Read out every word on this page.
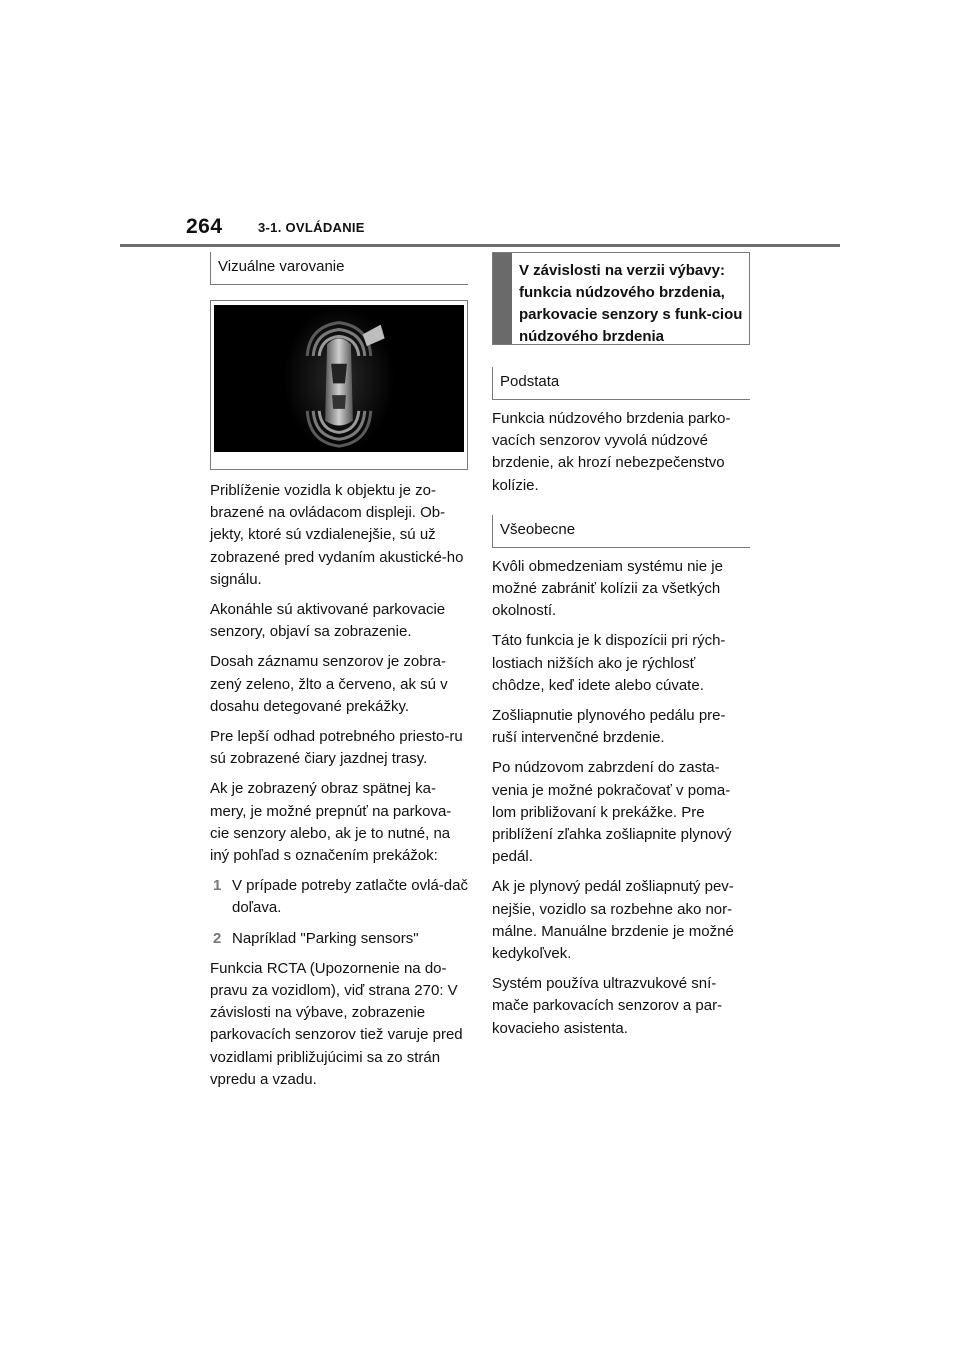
264	3-1. OVLÁDANIE
Vizuálne varovanie

Priblíženie vozidla k objektu je zo-brazené na ovládacom displeji. Ob-jekty, ktoré sú vzdialenejšie, sú už zobrazené pred vydaním akustické-ho signálu.

Akonáhle sú aktivované parkovacie senzory, objaví sa zobrazenie.

Dosah záznamu senzorov je zobra-zený zeleno, žlto a červeno, ak sú v dosahu detegované prekážky.

Pre lepší odhad potrebného priesto-ru sú zobrazené čiary jazdnej trasy.

Ak je zobrazený obraz spätnej ka-mery, je možné prepnúť na parkova-cie senzory alebo, ak je to nutné, na iný pohľad s označením prekážok:

1 V prípade potreby zatlačte ovlá-dač doľava.

2 Napríklad "Parking sensors"

Funkcia RCTA (Upozornenie na do-pravu za vozidlom), viď strana 270: V závislosti na výbave, zobrazenie parkovacích senzorov tiež varuje pred vozidlami približujúcimi sa zo strán vpredu a vzadu.

V závislosti na verzii výbavy: funkcia núdzového brzdenia, parkovacie senzory s funk-ciou núdzového brzdenia
Podstata

Funkcia núdzového brzdenia parko-vacích senzorov vyvolá núdzové brzdenie, ak hrozí nebezpečenstvo kolízie.

Všeobecne

Kvôli obmedzeniam systému nie je možné zabrániť kolízii za všetkých okolností.

Táto funkcia je k dispozícii pri rých-lostiach nižších ako je rýchlosť chôdze, keď idete alebo cúvate.

Zošliapnutie plynového pedálu pre-ruší intervenčné brzdenie.

Po núdzovom zabrzdení do zasta-venia je možné pokračovať v poma-lom približovaní k prekážke. Pre priblížení zľahka zošliapnite plynový pedál.

Ak je plynový pedál zošliapnutý pev-nejšie, vozidlo sa rozbehne ako nor-málne. Manuálne brzdenie je možné kedykoľvek.

Systém používa ultrazvukové sní-mače parkovacích senzorov a par-kovacieho asistenta.
